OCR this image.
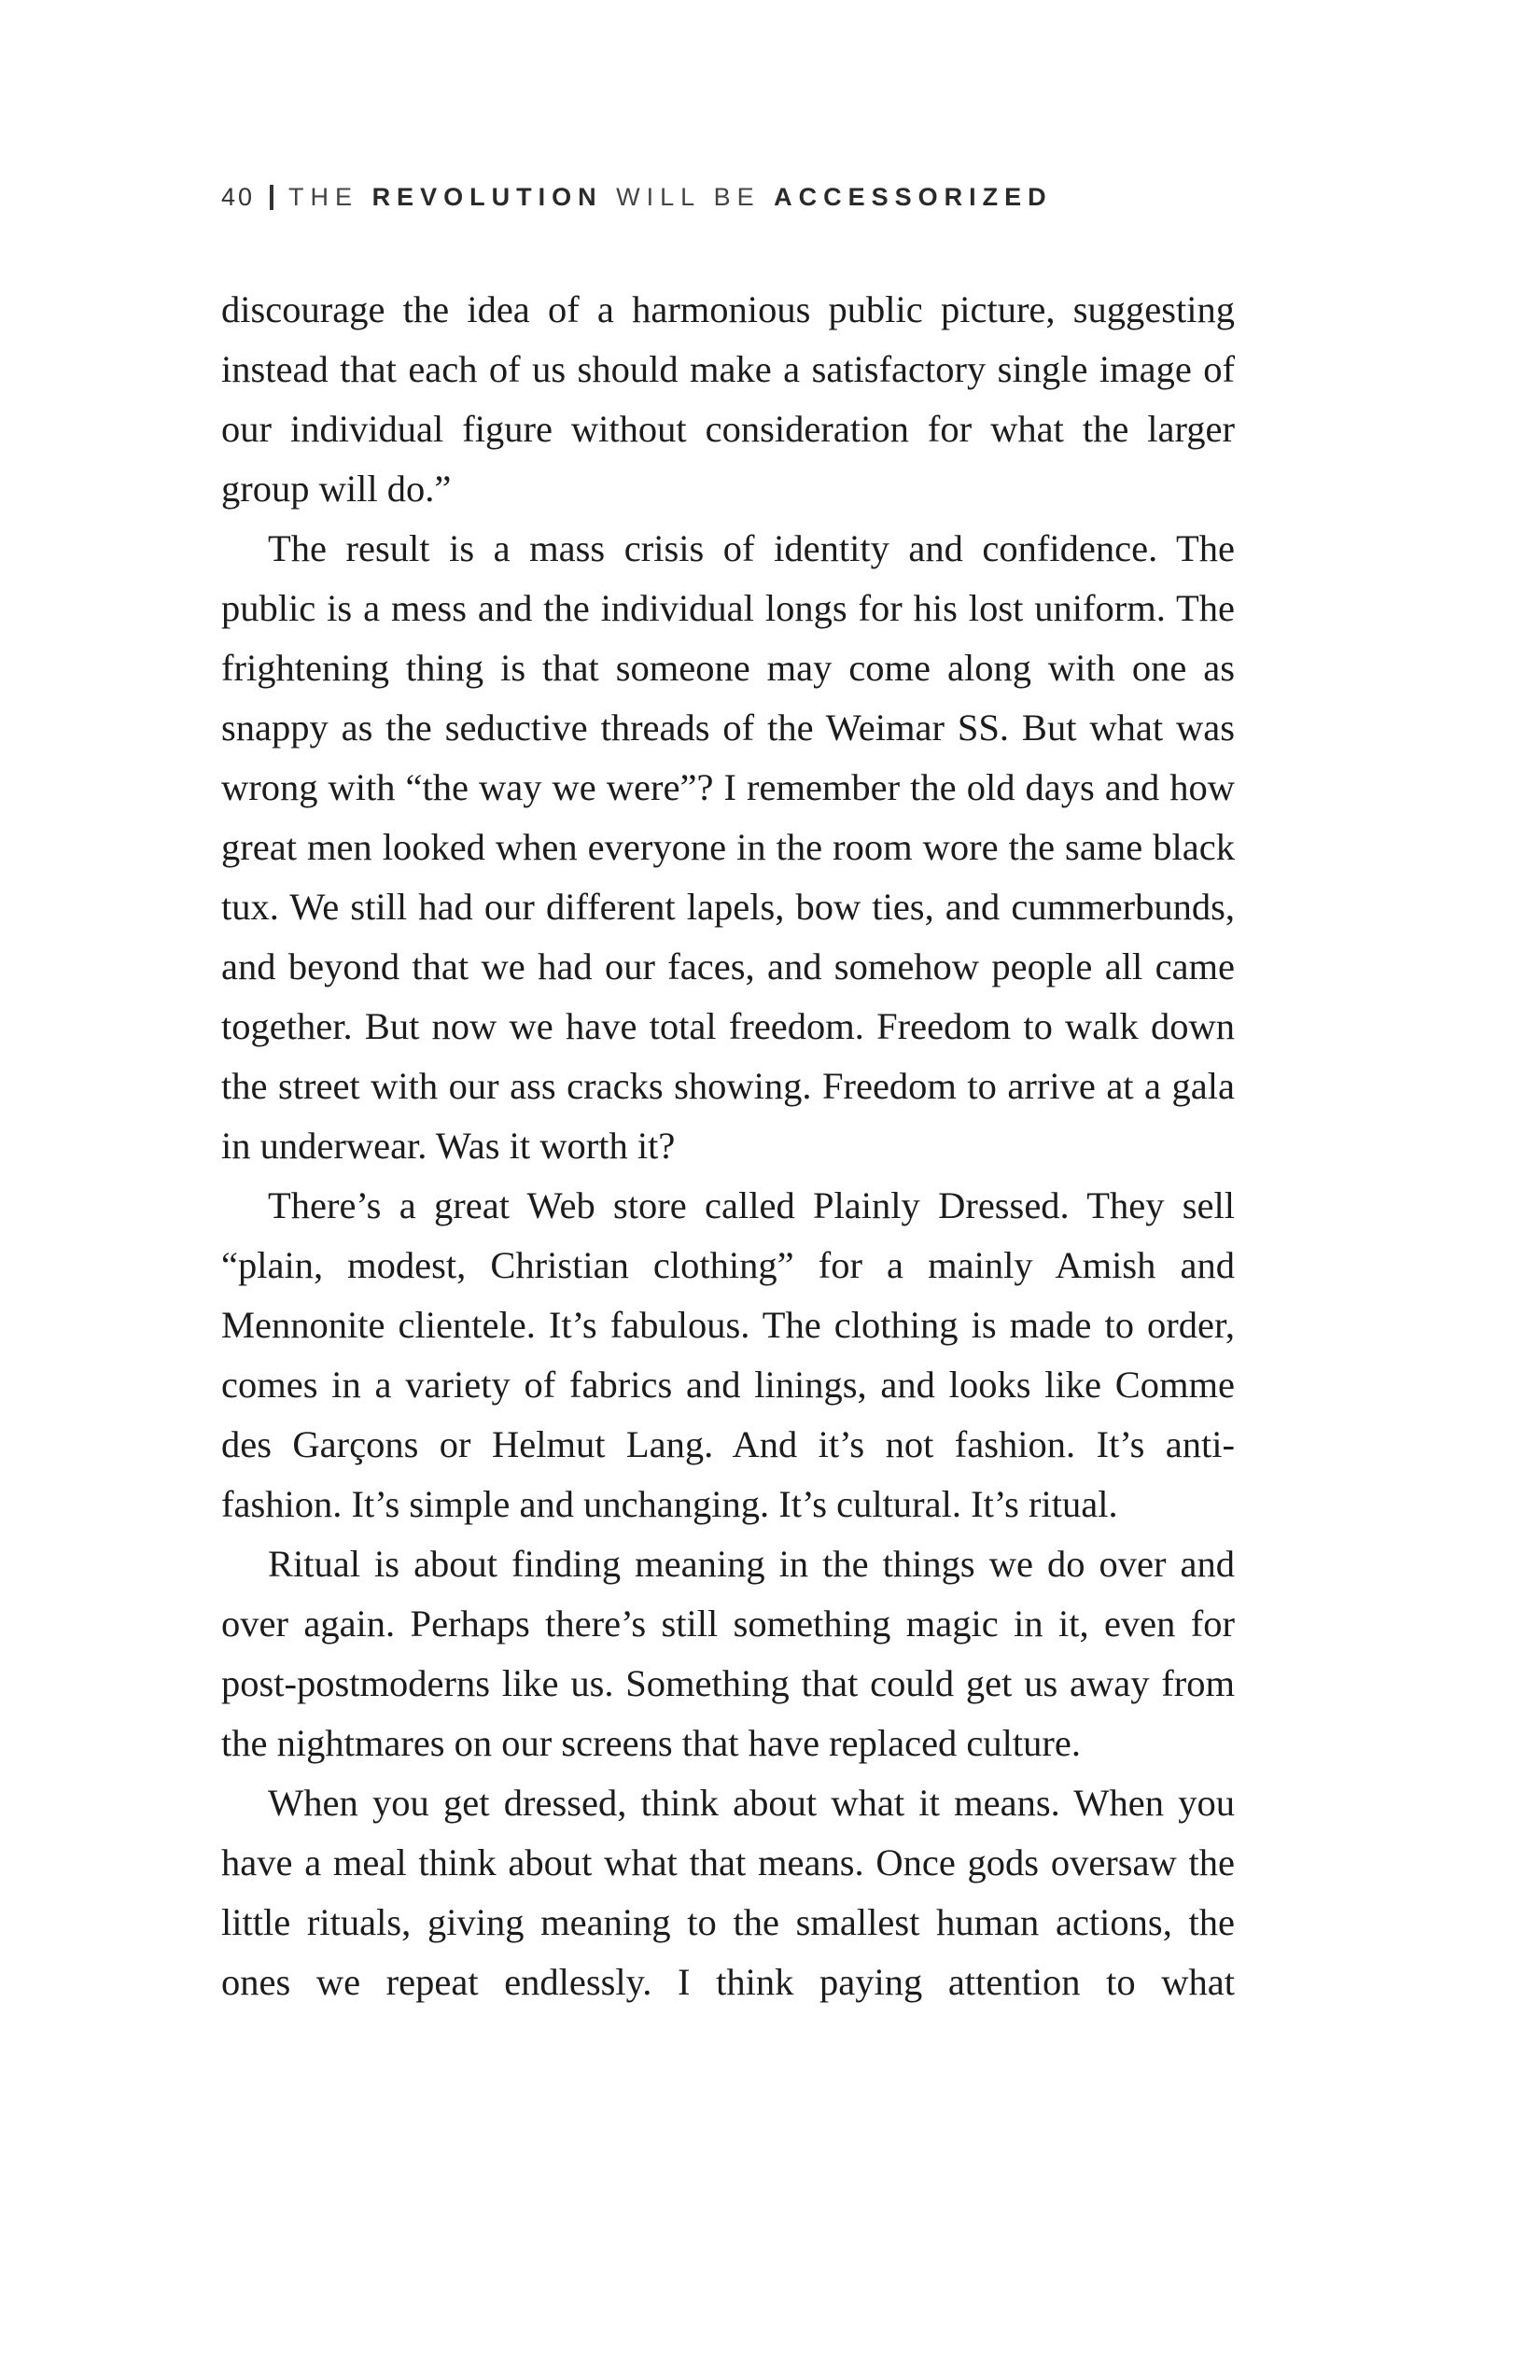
40 THE REVOLUTION WILL BE ACCESSORIZED

discourage the idea of a harmonious public picture, suggesting instead that each of us should make a satisfactory single image of our individual figure without consideration for what the larger group will do.”

The result is a mass crisis of identity and confidence. The public is a mess and the individual longs for his lost uniform. The frightening thing is that someone may come along with one as snappy as the seductive threads of the Weimar SS. But what was wrong with “the way we were”? I remember the old days and how great men looked when everyone in the room wore the same black tux. We still had our different lapels, bow ties, and cummerbunds, and beyond that we had our faces, and somehow people all came together. But now we have total freedom. Freedom to walk down the street with our ass cracks showing. Freedom to arrive at a gala in underwear. Was it worth it?

There’s a great Web store called Plainly Dressed. They sell “plain, modest, Christian clothing” for a mainly Amish and Mennonite clientele. It’s fabulous. The clothing is made to order, comes in a variety of fabrics and linings, and looks like Comme des Garçons or Helmut Lang. And it’s not fashion. It’s anti-fashion. It’s simple and unchanging. It’s cultural. It’s ritual.

Ritual is about finding meaning in the things we do over and over again. Perhaps there’s still something magic in it, even for post-postmoderns like us. Something that could get us away from the nightmares on our screens that have replaced culture.

When you get dressed, think about what it means. When you have a meal think about what that means. Once gods oversaw the little rituals, giving meaning to the smallest human actions, the ones we repeat endlessly. I think paying attention to what
